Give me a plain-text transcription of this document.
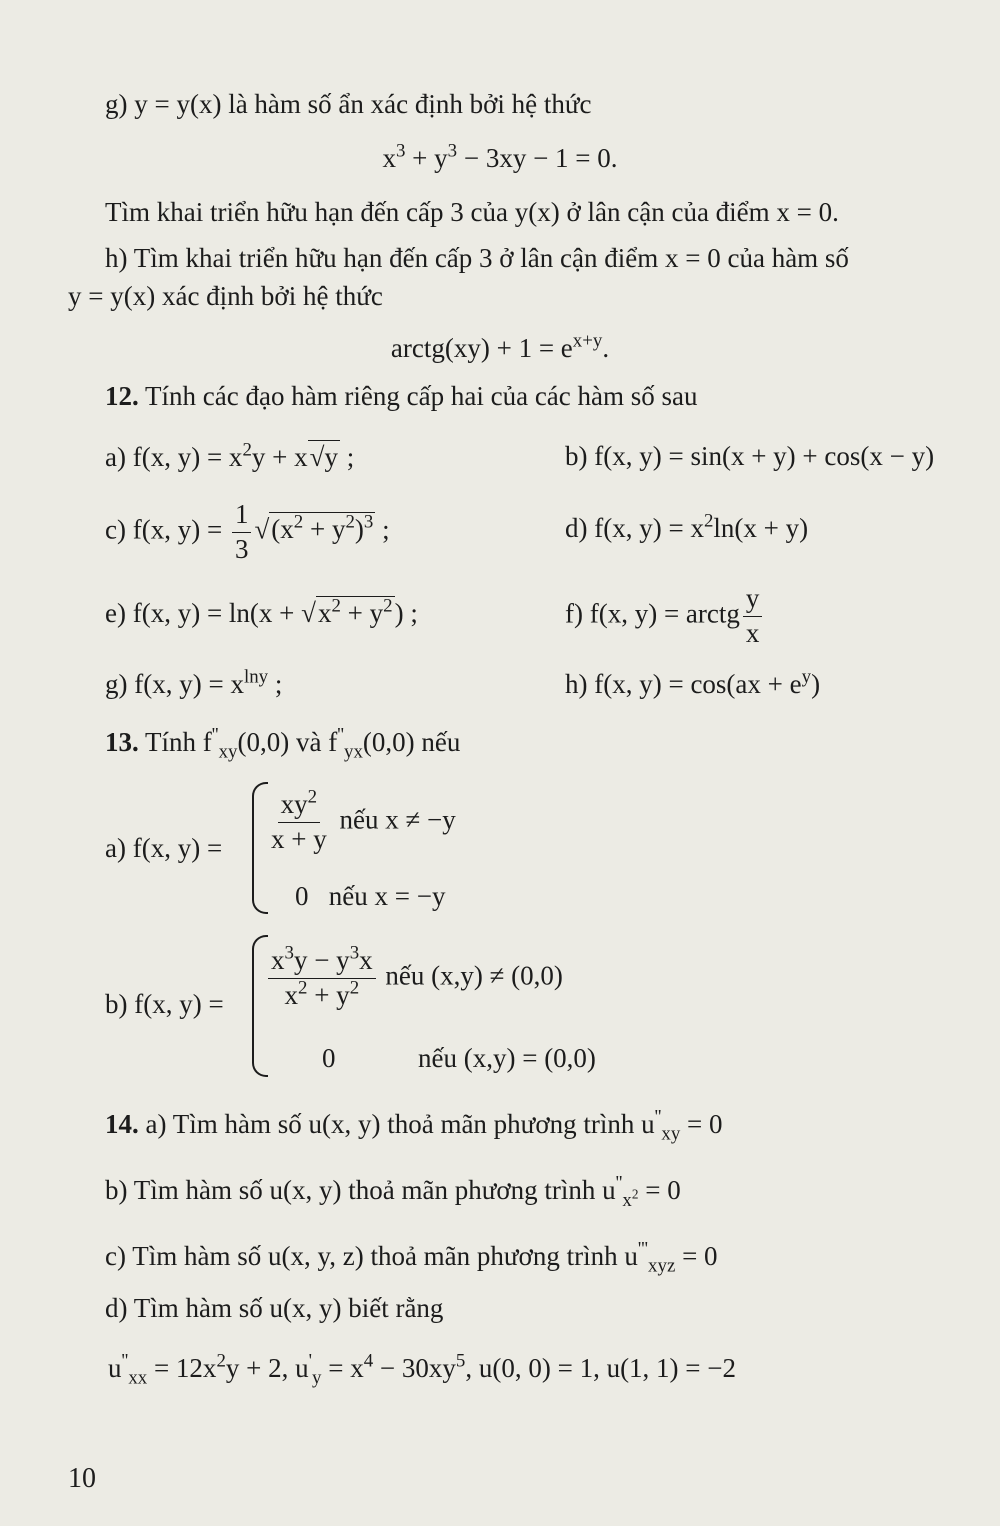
g) y = y(x) là hàm số ẩn xác định bởi hệ thức
$x^3 + y^3 - 3xy - 1 = 0$.
Tìm khai triển hữu hạn đến cấp 3 của y(x) ở lân cận của điểm x = 0.
h) Tìm khai triển hữu hạn đến cấp 3 ở lân cận điểm x = 0 của hàm số
y = y(x) xác định bởi hệ thức
arctg(xy) + $1 = e^{x+y}$.
12. Tính các đạo hàm riêng cấp hai của các hàm số sau
a) f(x, $y) = x^2y + x√y$ ;	b) f(x, y) = sin(x + y) + cos(x − y)
c) f(x, $y) = \frac{1}{3} √(x^2 + y^2)^3$ ;	d) f(x, $y) = x^2\ln(x + y)$
e) f(x, $y) = \ln(x + √x^2 + y^2)$ ;	f) f(x, y) = arctg $\frac{y}{x}$
g) f(x, $y) = x^{lny}$ ;	h) f(x, $y) = \cos(ax + e^y)$
13. Tính $f''_{xy}(0,0)$ và $f''_{yx}(0,0)$ nếu
a) f(x, $y) = \frac{xy^2}{x + y}$ nếu x ≠ −y
0   nếu x = −y
b) f(x, $y) = \frac{x^3y - y^3x}{x^2 + y^2}$ nếu (x,y) ≠ (0,0)
0	nếu (x,y) = (0,0)
14. a) Tìm hàm số u(x, y) thoả mãn phương trình $u''_{xy} = 0$
b) Tìm hàm số u(x, y) thoả mãn phương trình $u''_{x^2} = 0$
c) Tìm hàm số u(x, y, z) thoả mãn phương trình $u'''_{xyz} = 0$
d) Tìm hàm số u(x, y) biết rằng
$u''_{xx} = 12x^2y + 2$, $u'_y = x^4 - 30xy^5$, u(0, 0) = 1, u(1, 1) = −2
10
